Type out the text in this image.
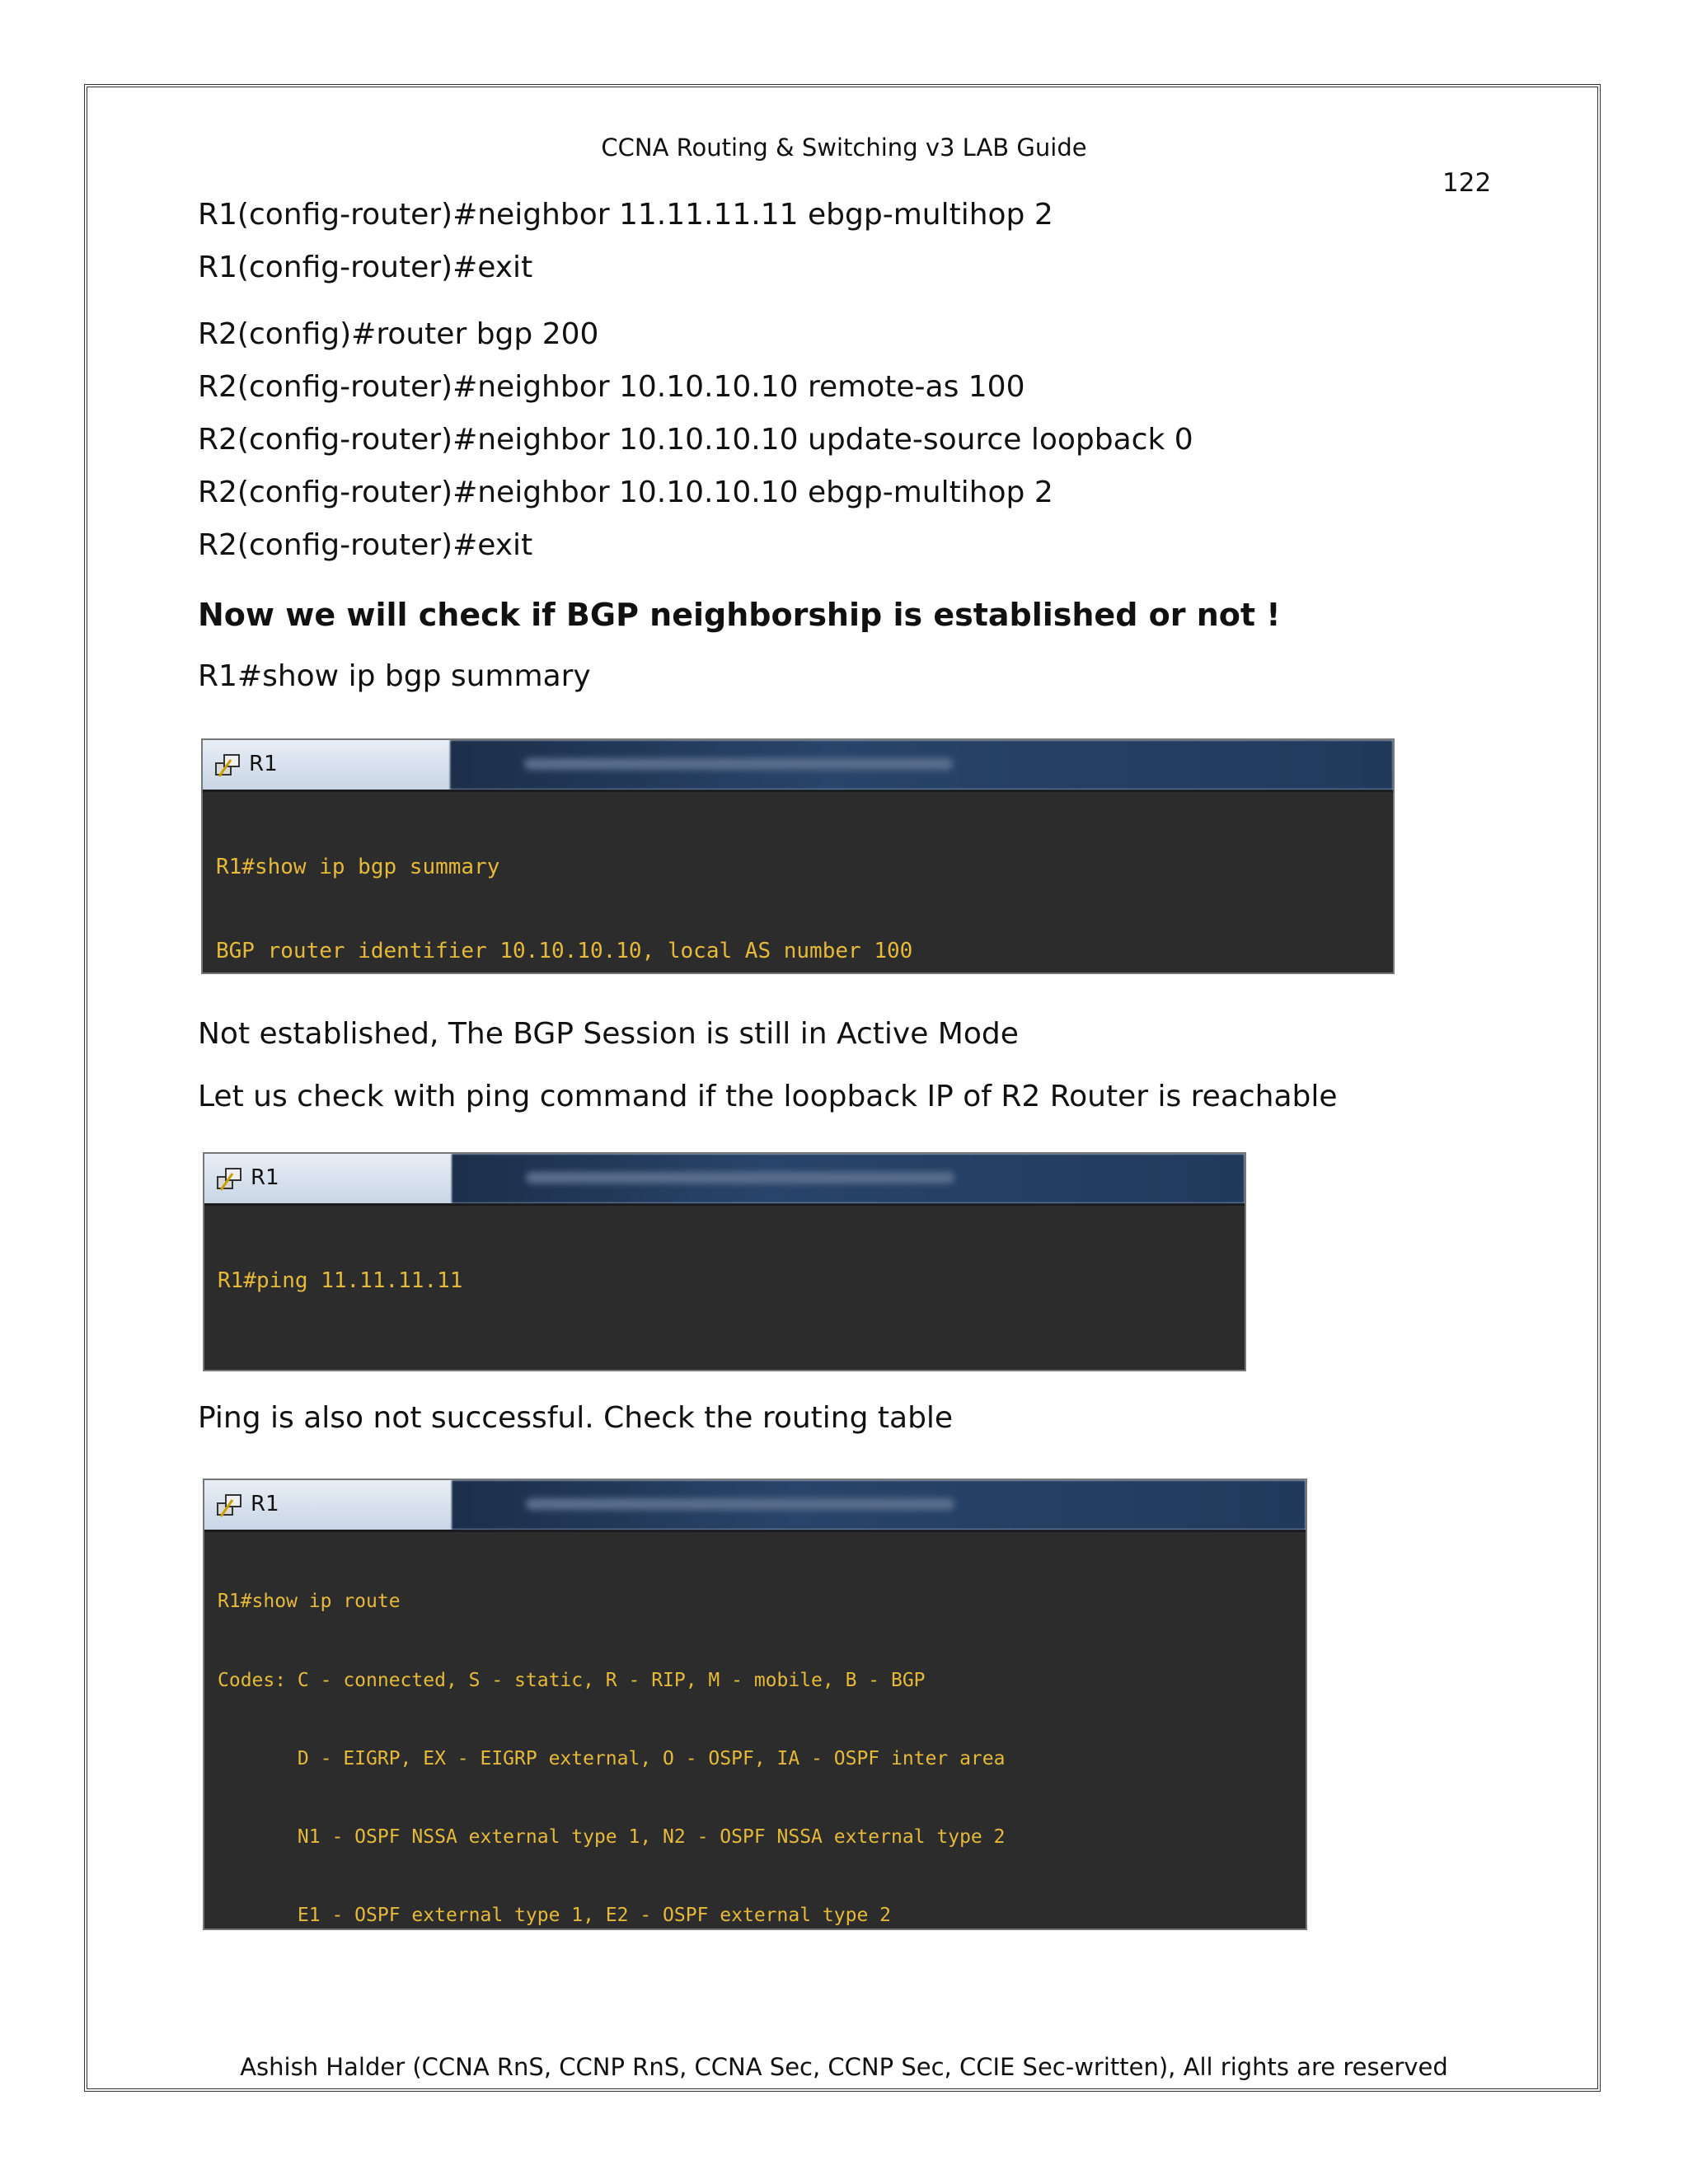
CCNA Routing & Switching v3 LAB Guide
122
R1(config-router)#neighbor 11.11.11.11 ebgp-multihop 2
R1(config-router)#exit
R2(config)#router bgp 200
R2(config-router)#neighbor 10.10.10.10 remote-as 100
R2(config-router)#neighbor 10.10.10.10 update-source loopback 0
R2(config-router)#neighbor 10.10.10.10 ebgp-multihop 2
R2(config-router)#exit
Now we will check if BGP neighborship is established or not !
R1#show ip bgp summary
R1

R1#show ip bgp summary

BGP router identifier 10.10.10.10, local AS number 100

Not established, The BGP Session is still in Active Mode
Let us check with ping command if the loopback IP of R2 Router is reachable
R1

R1#ping 11.11.11.11

Ping is also not successful. Check the routing table
R1

R1#show ip route

Codes: C - connected, S - static, R - RIP, M - mobile, B - BGP

D - EIGRP, EX - EIGRP external, O - OSPF, IA - OSPF inter area

N1 - OSPF NSSA external type 1, N2 - OSPF NSSA external type 2

E1 - OSPF external type 1, E2 - OSPF external type 2

Ashish Halder (CCNA RnS, CCNP RnS, CCNA Sec, CCNP Sec, CCIE Sec-written), All rights are reserved
